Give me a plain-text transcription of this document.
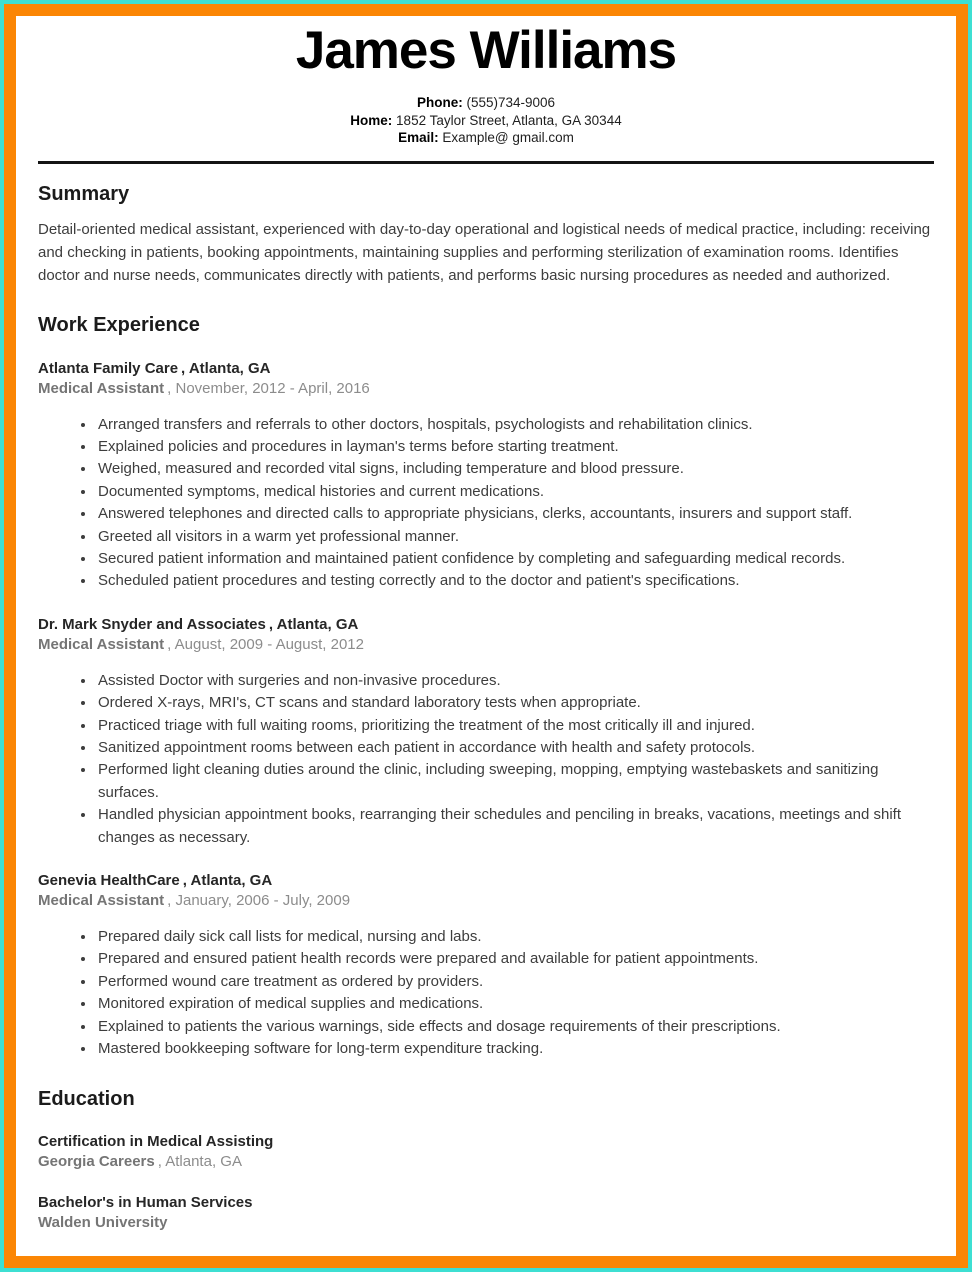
James Williams
Phone: (555)734-9006
Home: 1852 Taylor Street, Atlanta, GA 30344
Email: Example@ gmail.com
Summary

Detail-oriented medical assistant, experienced with day-to-day operational and logistical needs of medical practice, including: receiving and checking in patients, booking appointments, maintaining supplies and performing sterilization of examination rooms. Identifies doctor and nurse needs, communicates directly with patients, and performs basic nursing procedures as needed and authorized.

Work Experience
Atlanta Family Care , Atlanta, GA
Medical Assistant , November, 2012 - April, 2016
• Arranged transfers and referrals to other doctors, hospitals, psychologists and rehabilitation clinics.
• Explained policies and procedures in layman's terms before starting treatment.
• Weighed, measured and recorded vital signs, including temperature and blood pressure.
• Documented symptoms, medical histories and current medications.
• Answered telephones and directed calls to appropriate physicians, clerks, accountants, insurers and support staff.
• Greeted all visitors in a warm yet professional manner.
• Secured patient information and maintained patient confidence by completing and safeguarding medical records.
• Scheduled patient procedures and testing correctly and to the doctor and patient's specifications.
Dr. Mark Snyder and Associates , Atlanta, GA
Medical Assistant , August, 2009 - August, 2012
• Assisted Doctor with surgeries and non-invasive procedures.
• Ordered X-rays, MRI's, CT scans and standard laboratory tests when appropriate.
• Practiced triage with full waiting rooms, prioritizing the treatment of the most critically ill and injured.
• Sanitized appointment rooms between each patient in accordance with health and safety protocols.
• Performed light cleaning duties around the clinic, including sweeping, mopping, emptying wastebaskets and sanitizing surfaces.
• Handled physician appointment books, rearranging their schedules and penciling in breaks, vacations, meetings and shift changes as necessary.
Genevia HealthCare , Atlanta, GA
Medical Assistant , January, 2006 - July, 2009
• Prepared daily sick call lists for medical, nursing and labs.
• Prepared and ensured patient health records were prepared and available for patient appointments.
• Performed wound care treatment as ordered by providers.
• Monitored expiration of medical supplies and medications.
• Explained to patients the various warnings, side effects and dosage requirements of their prescriptions.
• Mastered bookkeeping software for long-term expenditure tracking.
Education
Certification in Medical Assisting
Georgia Careers , Atlanta, GA
Bachelor's in Human Services
Walden University
